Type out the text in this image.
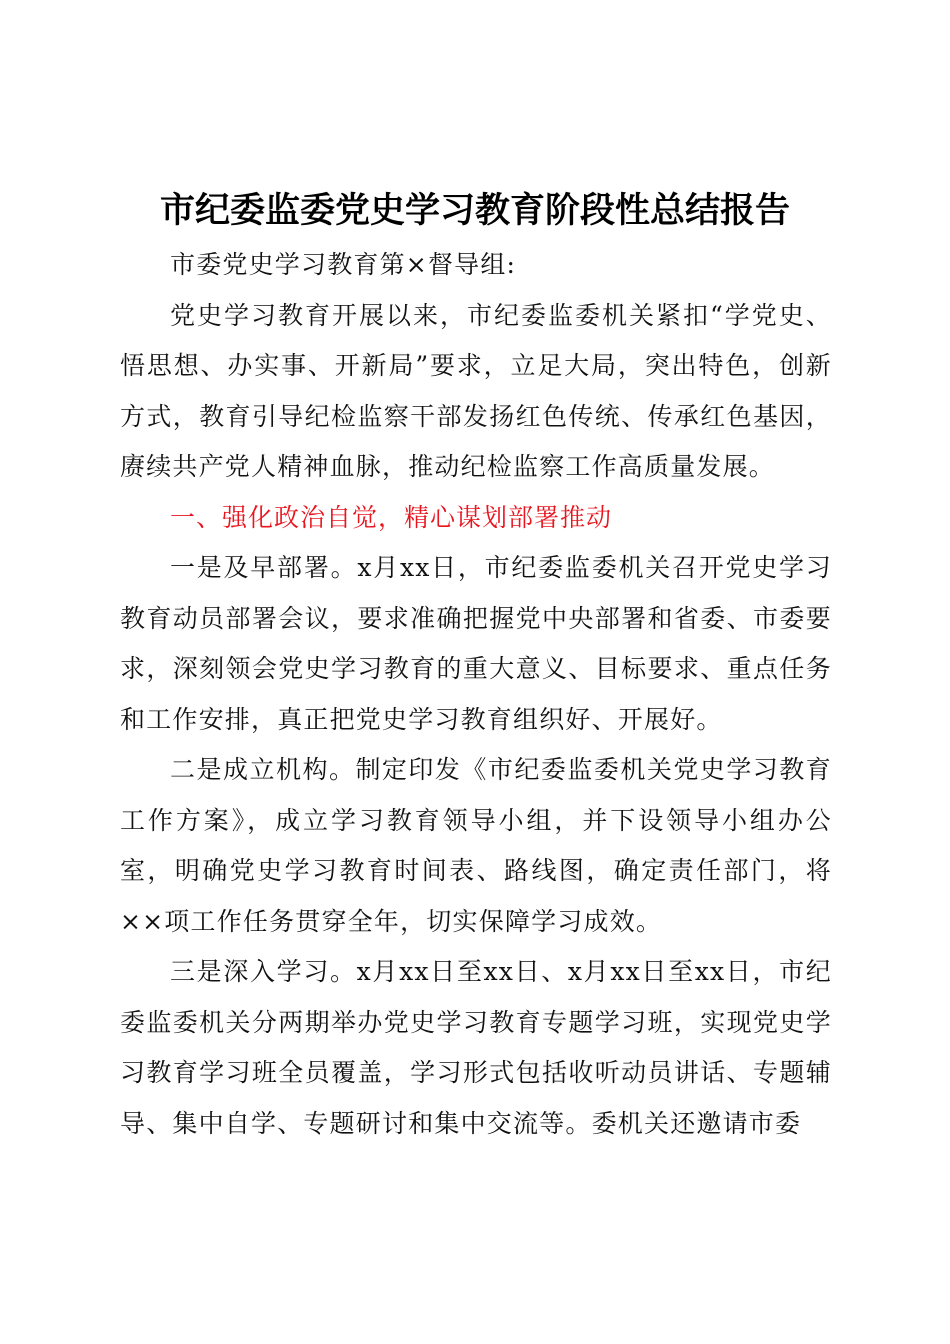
市纪委监委党史学习教育阶段性总结报告

市委党史学习教育第×督导组:

党史学习教育开展以来，市纪委监委机关紧扣“学党史、悟思想、办实事、开新局”要求，立足大局，突出特色，创新方式，教育引导纪检监察干部发扬红色传统、传承红色基因，赓续共产党人精神血脉，推动纪检监察工作高质量发展。

一、强化政治自觉，精心谋划部署推动

一是及早部署。x月xx日，市纪委监委机关召开党史学习教育动员部署会议，要求准确把握党中央部署和省委、市委要求，深刻领会党史学习教育的重大意义、目标要求、重点任务和工作安排，真正把党史学习教育组织好、开展好。

二是成立机构。制定印发《市纪委监委机关党史学习教育工作方案》，成立学习教育领导小组，并下设领导小组办公室，明确党史学习教育时间表、路线图，确定责任部门，将××项工作任务贯穿全年，切实保障学习成效。

三是深入学习。x月xx日至xx日、x月xx日至xx日，市纪委监委机关分两期举办党史学习教育专题学习班，实现党史学习教育学习班全员覆盖，学习形式包括收听动员讲话、专题辅导、集中自学、专题研讨和集中交流等。委机关还邀请市委
